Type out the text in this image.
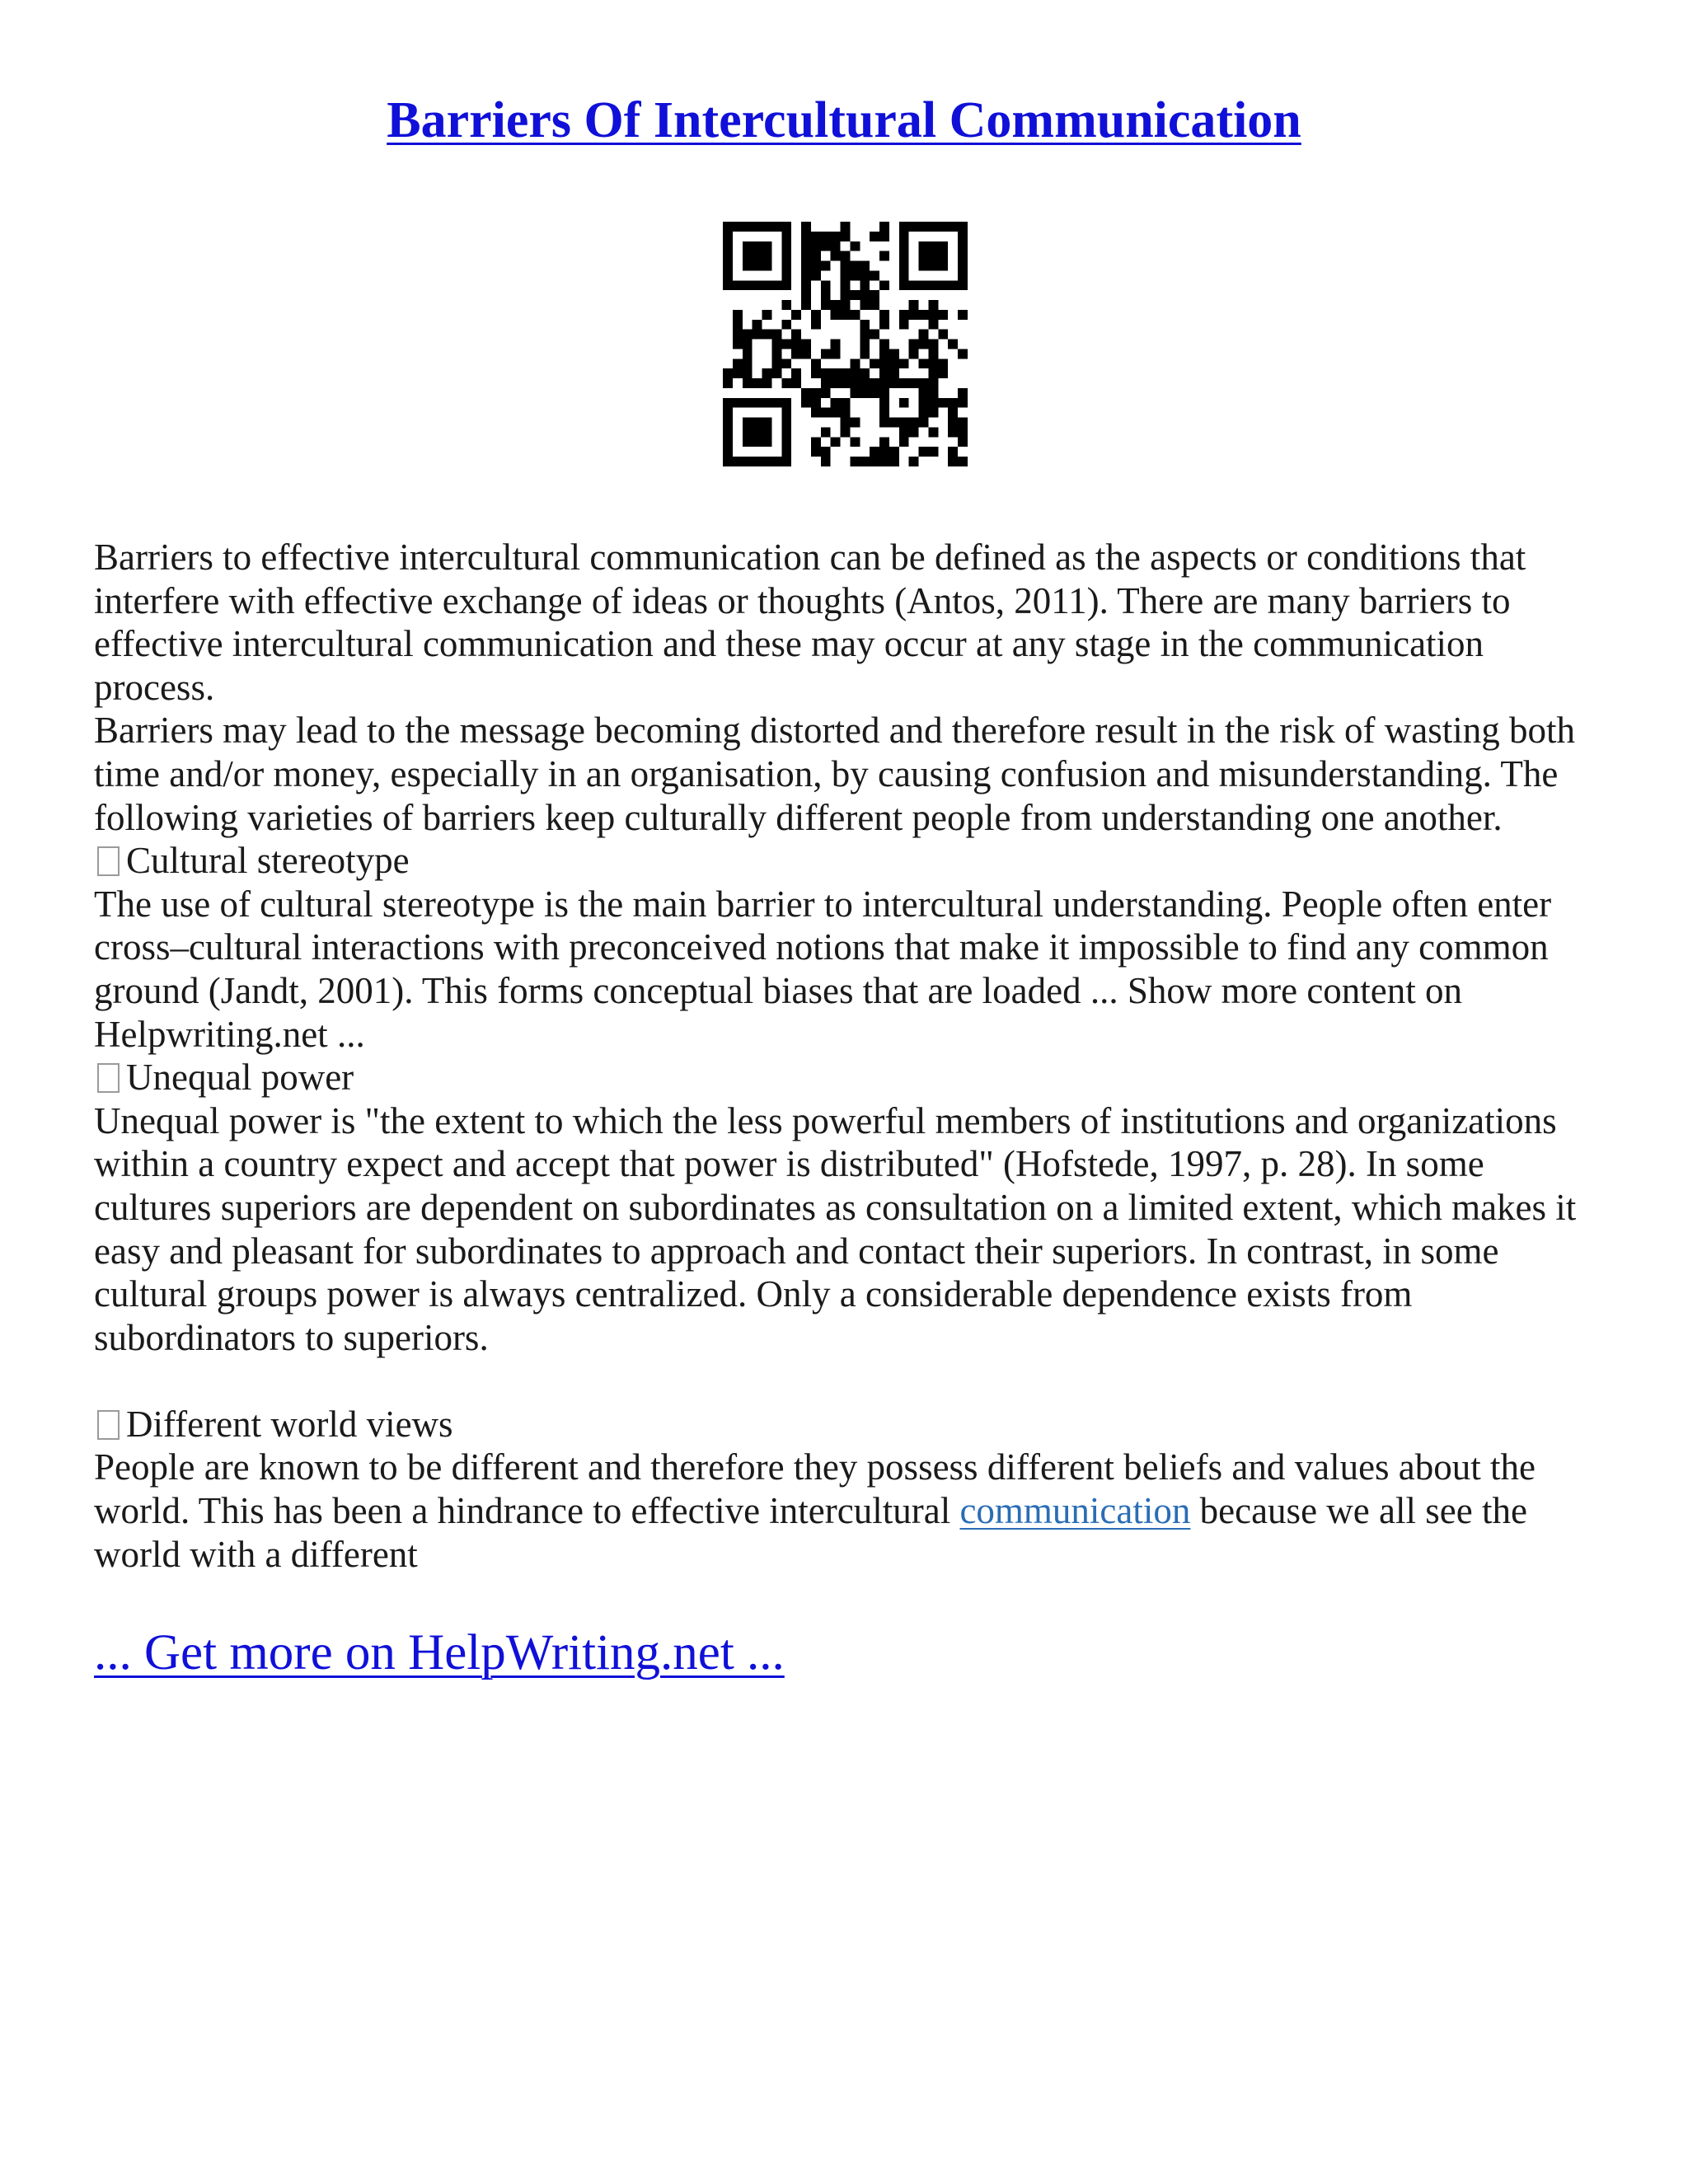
Barriers Of Intercultural Communication

Barriers to effective intercultural communication can be defined as the aspects or conditions that interfere with effective exchange of ideas or thoughts (Antos, 2011). There are many barriers to effective intercultural communication and these may occur at any stage in the communication process.

Barriers may lead to the message becoming distorted and therefore result in the risk of wasting both time and/or money, especially in an organisation, by causing confusion and misunderstanding. The following varieties of barriers keep culturally different people from understanding one another.

Cultural stereotype

The use of cultural stereotype is the main barrier to intercultural understanding. People often enter cross–cultural interactions with preconceived notions that make it impossible to find any common ground (Jandt, 2001). This forms conceptual biases that are loaded ... Show more content on Helpwriting.net ...

Unequal power

Unequal power is "the extent to which the less powerful members of institutions and organizations within a country expect and accept that power is distributed" (Hofstede, 1997, p. 28). In some cultures superiors are dependent on subordinates as consultation on a limited extent, which makes it easy and pleasant for subordinates to approach and contact their superiors. In contrast, in some cultural groups power is always centralized. Only a considerable dependence exists from subordinators to superiors.

Different world views

People are known to be different and therefore they possess different beliefs and values about the world. This has been a hindrance to effective intercultural communication because we all see the world with a different

... Get more on HelpWriting.net ...
